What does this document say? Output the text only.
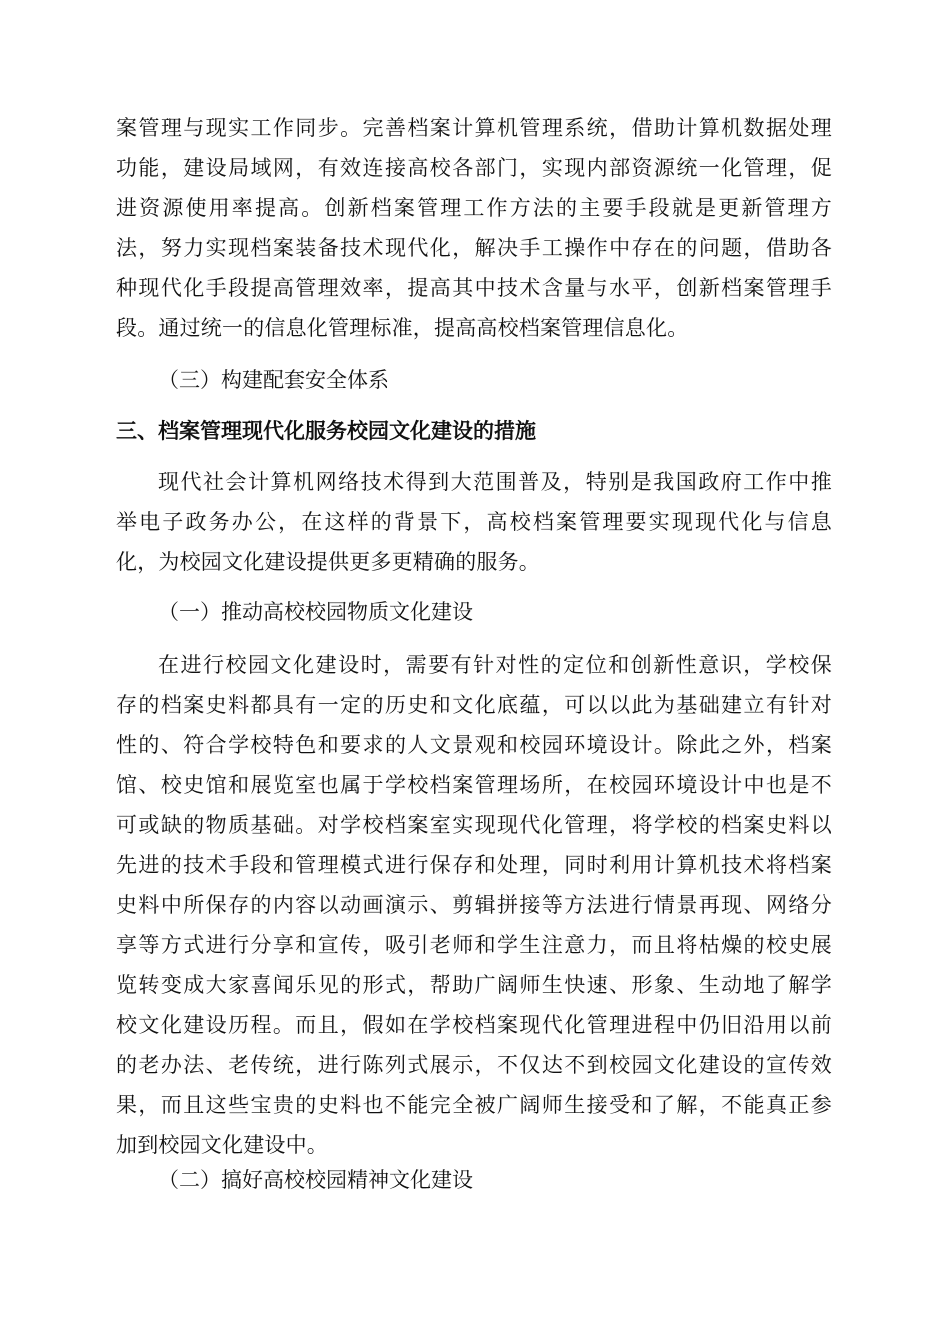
案管理与现实工作同步。完善档案计算机管理系统，借助计算机数据处理
功能，建设局域网，有效连接高校各部门，实现内部资源统一化管理，促
进资源使用率提高。创新档案管理工作方法的主要手段就是更新管理方
法，努力实现档案装备技术现代化，解决手工操作中存在的问题，借助各
种现代化手段提高管理效率，提高其中技术含量与水平，创新档案管理手
段。通过统一的信息化管理标准，提高高校档案管理信息化。
（三）构建配套安全体系
三、档案管理现代化服务校园文化建设的措施
现代社会计算机网络技术得到大范围普及，特别是我国政府工作中推
举电子政务办公，在这样的背景下，高校档案管理要实现现代化与信息
化，为校园文化建设提供更多更精确的服务。
（一）推动高校校园物质文化建设
在进行校园文化建设时，需要有针对性的定位和创新性意识，学校保
存的档案史料都具有一定的历史和文化底蕴，可以以此为基础建立有针对
性的、符合学校特色和要求的人文景观和校园环境设计。除此之外，档案
馆、校史馆和展览室也属于学校档案管理场所，在校园环境设计中也是不
可或缺的物质基础。对学校档案室实现现代化管理，将学校的档案史料以
先进的技术手段和管理模式进行保存和处理，同时利用计算机技术将档案
史料中所保存的内容以动画演示、剪辑拼接等方法进行情景再现、网络分
享等方式进行分享和宣传，吸引老师和学生注意力，而且将枯燥的校史展
览转变成大家喜闻乐见的形式，帮助广阔师生快速、形象、生动地了解学
校文化建设历程。而且，假如在学校档案现代化管理进程中仍旧沿用以前
的老办法、老传统，进行陈列式展示，不仅达不到校园文化建设的宣传效
果，而且这些宝贵的史料也不能完全被广阔师生接受和了解，不能真正参
加到校园文化建设中。
（二）搞好高校校园精神文化建设
